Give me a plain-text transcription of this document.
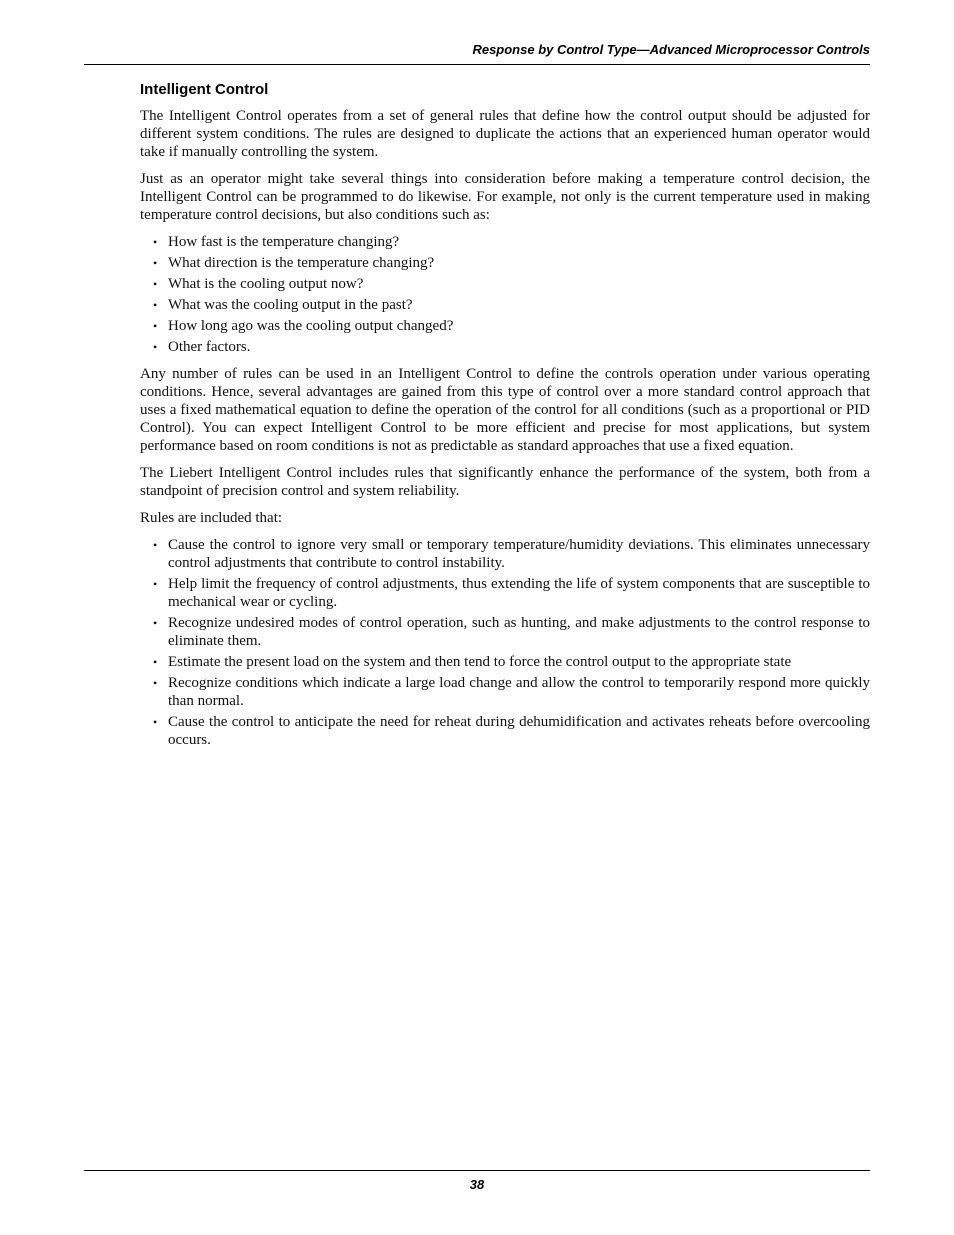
Response by Control Type—Advanced Microprocessor Controls
Intelligent Control

The Intelligent Control operates from a set of general rules that define how the control output should be adjusted for different system conditions. The rules are designed to duplicate the actions that an experienced human operator would take if manually controlling the system.

Just as an operator might take several things into consideration before making a temperature control decision, the Intelligent Control can be programmed to do likewise. For example, not only is the current temperature used in making temperature control decisions, but also conditions such as:

• How fast is the temperature changing?
• What direction is the temperature changing?
• What is the cooling output now?
• What was the cooling output in the past?
• How long ago was the cooling output changed?
• Other factors.

Any number of rules can be used in an Intelligent Control to define the controls operation under various operating conditions. Hence, several advantages are gained from this type of control over a more standard control approach that uses a fixed mathematical equation to define the operation of the control for all conditions (such as a proportional or PID Control). You can expect Intelligent Control to be more efficient and precise for most applications, but system performance based on room conditions is not as predictable as standard approaches that use a fixed equation.

The Liebert Intelligent Control includes rules that significantly enhance the performance of the system, both from a standpoint of precision control and system reliability.

Rules are included that:

• Cause the control to ignore very small or temporary temperature/humidity deviations. This eliminates unnecessary control adjustments that contribute to control instability.
• Help limit the frequency of control adjustments, thus extending the life of system components that are susceptible to mechanical wear or cycling.
• Recognize undesired modes of control operation, such as hunting, and make adjustments to the control response to eliminate them.
• Estimate the present load on the system and then tend to force the control output to the appropriate state
• Recognize conditions which indicate a large load change and allow the control to temporarily respond more quickly than normal.
• Cause the control to anticipate the need for reheat during dehumidification and activates reheats before overcooling occurs.
38
